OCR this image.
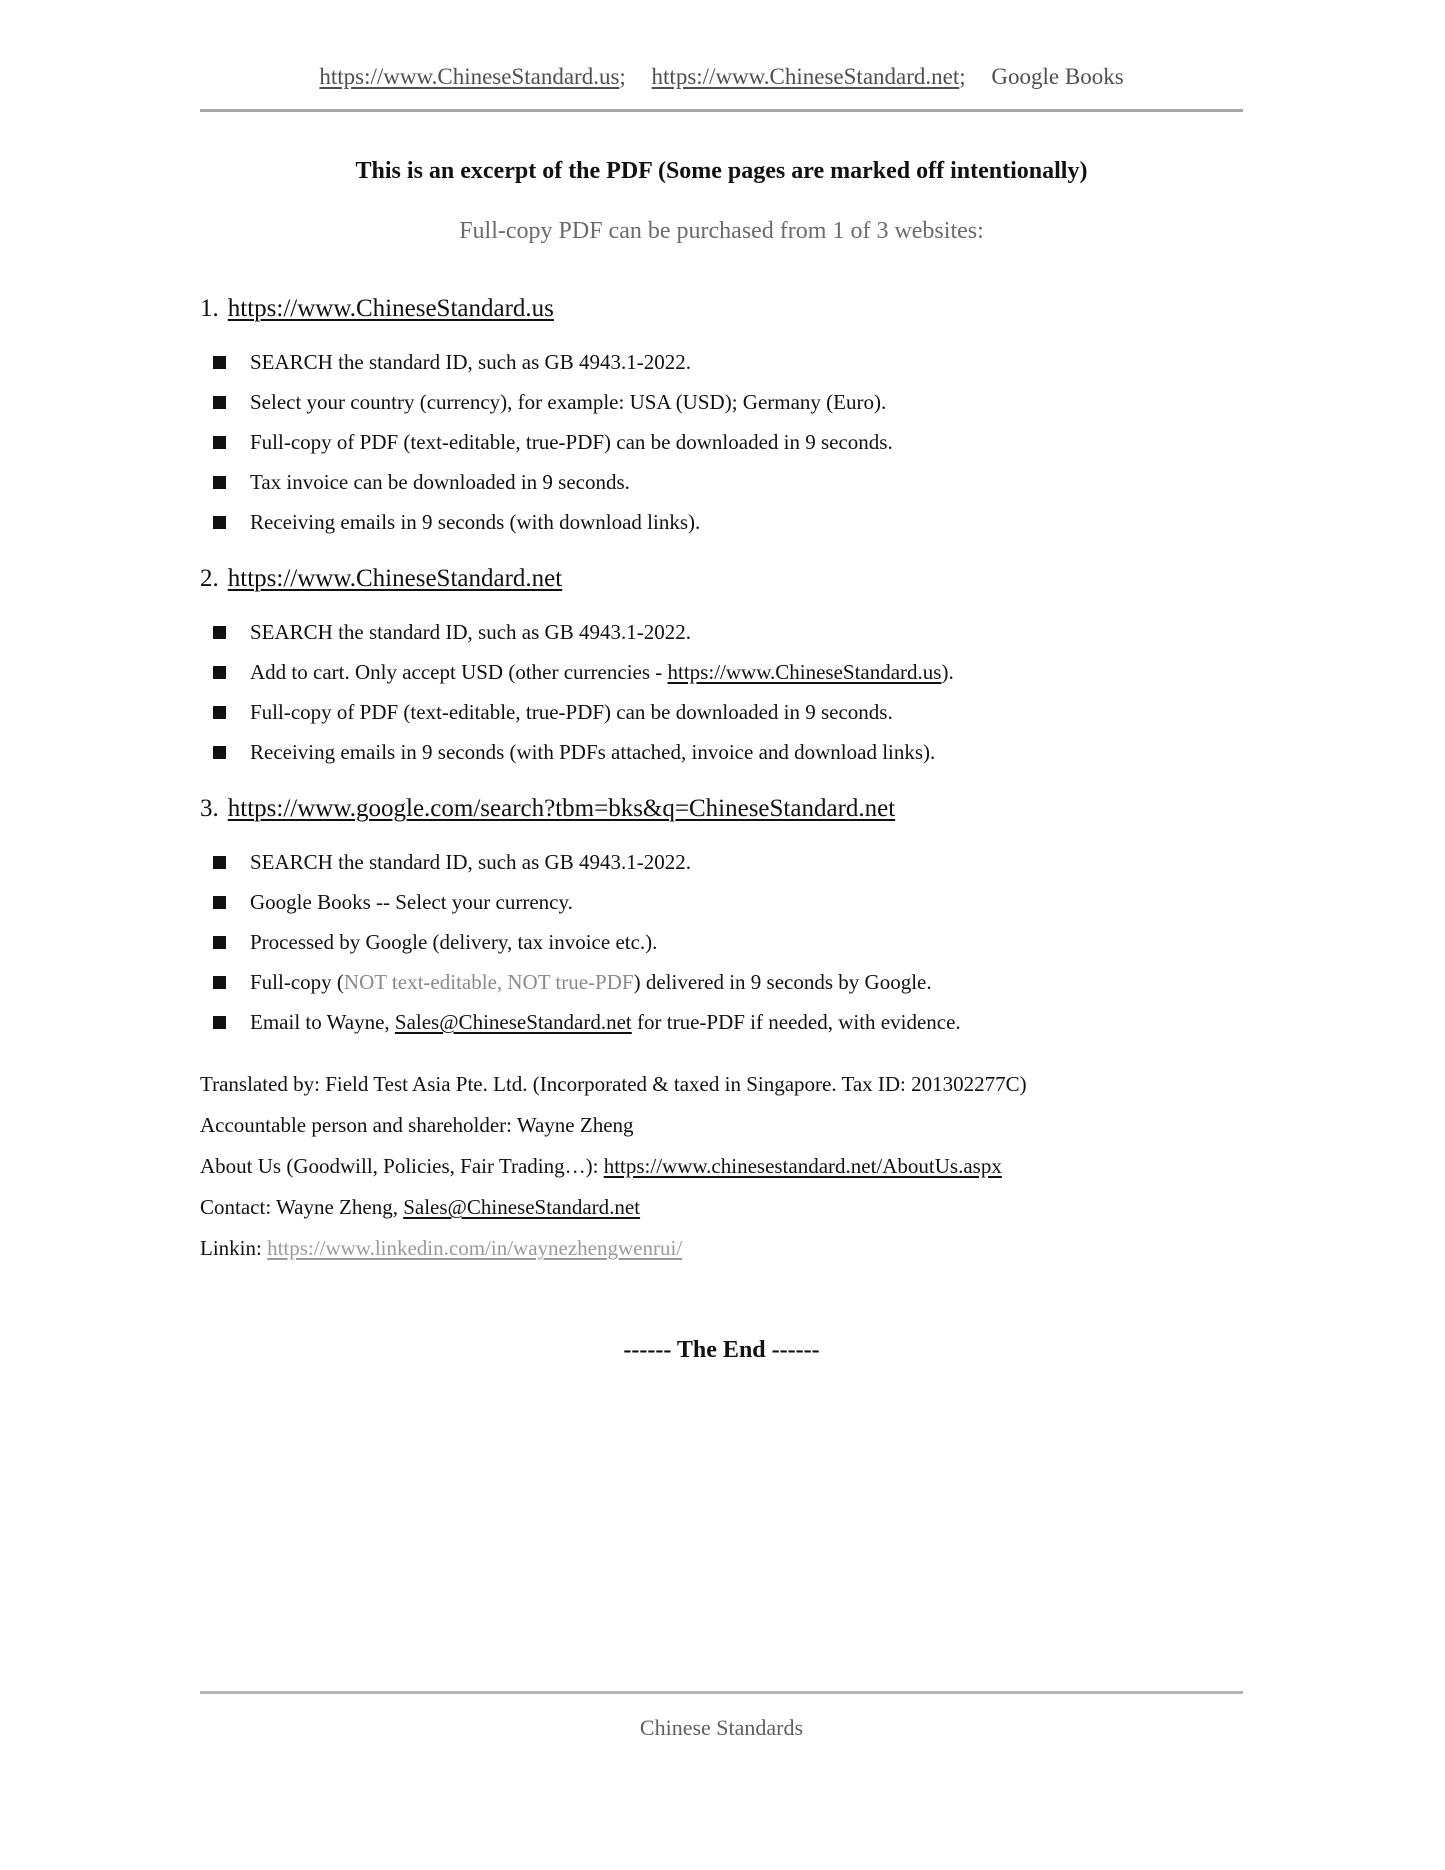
https://www.ChineseStandard.us; https://www.ChineseStandard.net; Google Books
This is an excerpt of the PDF (Some pages are marked off intentionally)

Full-copy PDF can be purchased from 1 of 3 websites:

1. https://www.ChineseStandard.us
SEARCH the standard ID, such as GB 4943.1-2022.
Select your country (currency), for example: USA (USD); Germany (Euro).
Full-copy of PDF (text-editable, true-PDF) can be downloaded in 9 seconds.
Tax invoice can be downloaded in 9 seconds.
Receiving emails in 9 seconds (with download links).
2. https://www.ChineseStandard.net
SEARCH the standard ID, such as GB 4943.1-2022.
Add to cart. Only accept USD (other currencies - https://www.ChineseStandard.us).
Full-copy of PDF (text-editable, true-PDF) can be downloaded in 9 seconds.
Receiving emails in 9 seconds (with PDFs attached, invoice and download links).
3. https://www.google.com/search?tbm=bks&q=ChineseStandard.net
SEARCH the standard ID, such as GB 4943.1-2022.
Google Books -- Select your currency.
Processed by Google (delivery, tax invoice etc.).
Full-copy (NOT text-editable, NOT true-PDF) delivered in 9 seconds by Google.
Email to Wayne, Sales@ChineseStandard.net for true-PDF if needed, with evidence.

Translated by: Field Test Asia Pte. Ltd. (Incorporated & taxed in Singapore. Tax ID: 201302277C)

Accountable person and shareholder: Wayne Zheng

About Us (Goodwill, Policies, Fair Trading…): https://www.chinesestandard.net/AboutUs.aspx

Contact: Wayne Zheng, Sales@ChineseStandard.net

Linkin: https://www.linkedin.com/in/waynezhengwenrui/

------ The End ------

Chinese Standards
